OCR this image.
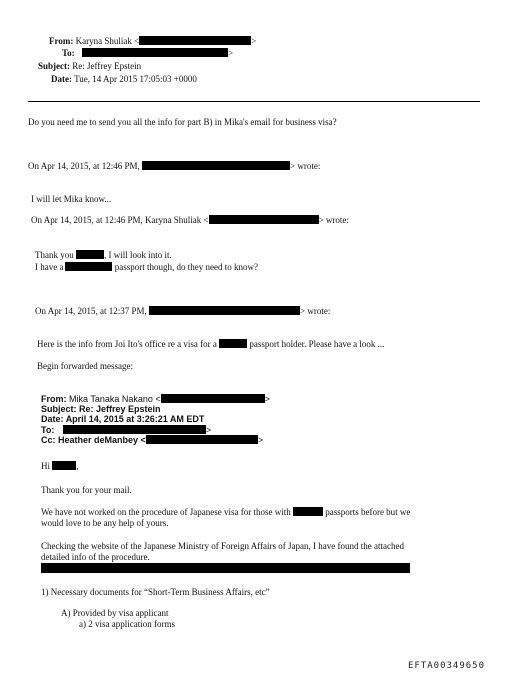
From: Karyna Shuliak <	>
To:	>
Subject: Re: Jeffrey Epstein
Date: Tue, 14 Apr 2015 17:05:03 +0000
Do you need me to send you all the info for part B) in Mika's email for business visa?
On Apr 14, 2015, at 12:46 PM,	> wrote:
I will let Mika know...
On Apr 14, 2015, at 12:46 PM, Karyna Shuliak <	> wrote:
Thank you	, I will look into it.
I have a	passport though, do they need to know?
On Apr 14, 2015, at 12:37 PM,	> wrote:
Here is the info from Joi Ito's office re a visa for a	passport holder. Please have a look ...
Begin forwarded message:
From: Mika Tanaka Nakano <	>
Subject: Re: Jeffrey Epstein
Date: April 14, 2015 at 3:26:21 AM EDT
To:	>
Cc: Heather deManbey <	>
Hi	,
Thank you for your mail.
We have not worked on the procedure of Japanese visa for those with	passports before but we
would love to be any help of yours.
Checking the website of the Japanese Ministry of Foreign Affairs of Japan, I have found the attached
detailed info of the procedure.
1) Necessary documents for “Short-Term Business Affairs, etc”
A) Provided by visa applicant
a) 2 visa application forms
EFTA00349650
